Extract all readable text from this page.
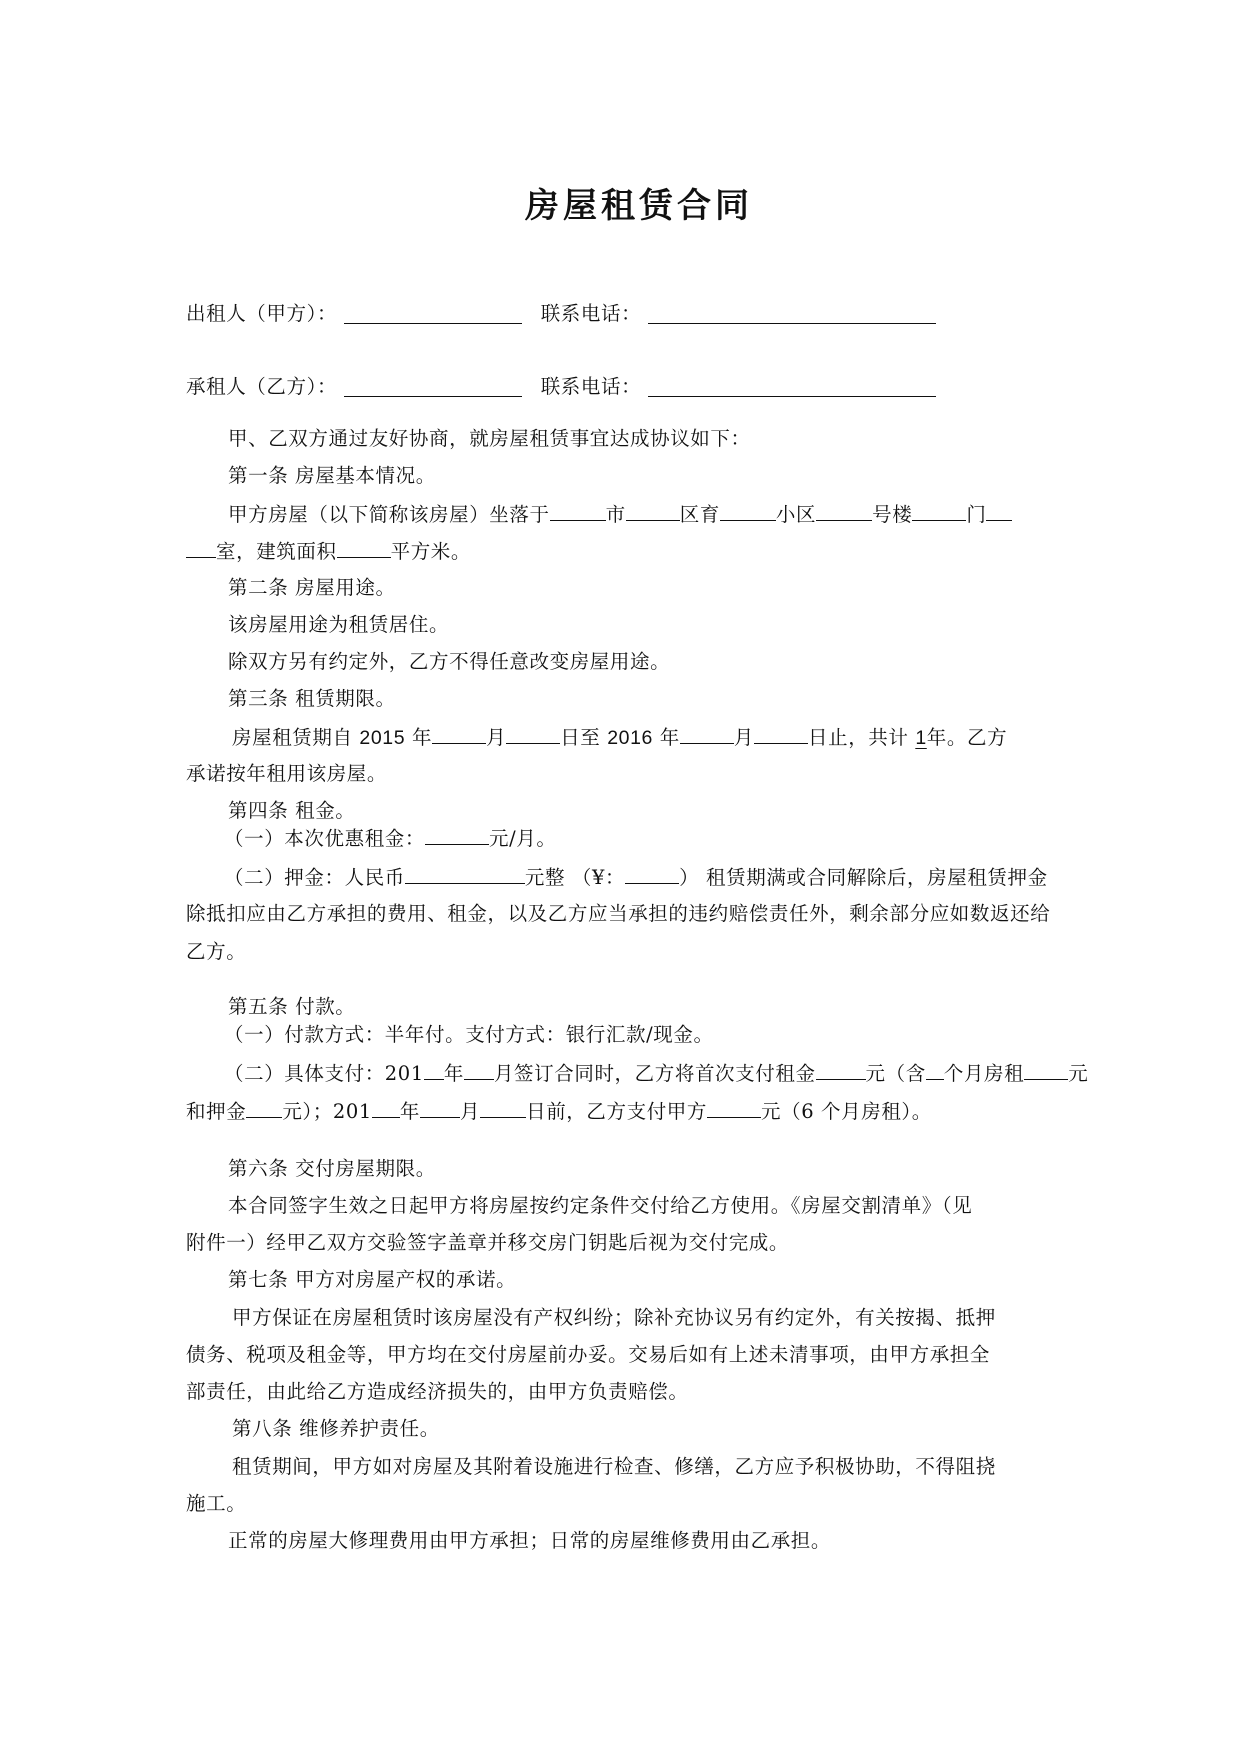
房屋租赁合同
出租人（甲方）：	联系电话：
承租人（乙方）：	联系电话：
甲、乙双方通过友好协商，就房屋租赁事宜达成协议如下：
第一条 房屋基本情况。
甲方房屋（以下简称该房屋）坐落于	市	区育	小区	号楼	门
室，建筑面积	平方米。
第二条 房屋用途。
该房屋用途为租赁居住。
除双方另有约定外，乙方不得任意改变房屋用途。
第三条 租赁期限。
房屋租赁期自 2015 年	月	日至 2016 年	月	日止，共计 1年。乙方
承诺按年租用该房屋。
第四条 租金。
（一）本次优惠租金：	元/月。
（二）押金：人民币	元整 （¥：	） 租赁期满或合同解除后，房屋租赁押金
除抵扣应由乙方承担的费用、租金，以及乙方应当承担的违约赔偿责任外，剩余部分应如数返还给
乙方。
第五条 付款。
（一）付款方式：半年付。支付方式：银行汇款/现金。
（二）具体支付：201 年 月签订合同时，乙方将首次支付租金	元（含 个月房租 元
和押金 元）；201 年 月 日前，乙方支付甲方	元（6 个月房租）。
第六条 交付房屋期限。
本合同签字生效之日起甲方将房屋按约定条件交付给乙方使用。《房屋交割清单》（见
附件一）经甲乙双方交验签字盖章并移交房门钥匙后视为交付完成。
第七条 甲方对房屋产权的承诺。
甲方保证在房屋租赁时该房屋没有产权纠纷；除补充协议另有约定外，有关按揭、抵押
债务、税项及租金等，甲方均在交付房屋前办妥。交易后如有上述未清事项，由甲方承担全
部责任，由此给乙方造成经济损失的，由甲方负责赔偿。
第八条 维修养护责任。
租赁期间，甲方如对房屋及其附着设施进行检查、修缮，乙方应予积极协助，不得阻挠
施工。
正常的房屋大修理费用由甲方承担；日常的房屋维修费用由乙承担。
